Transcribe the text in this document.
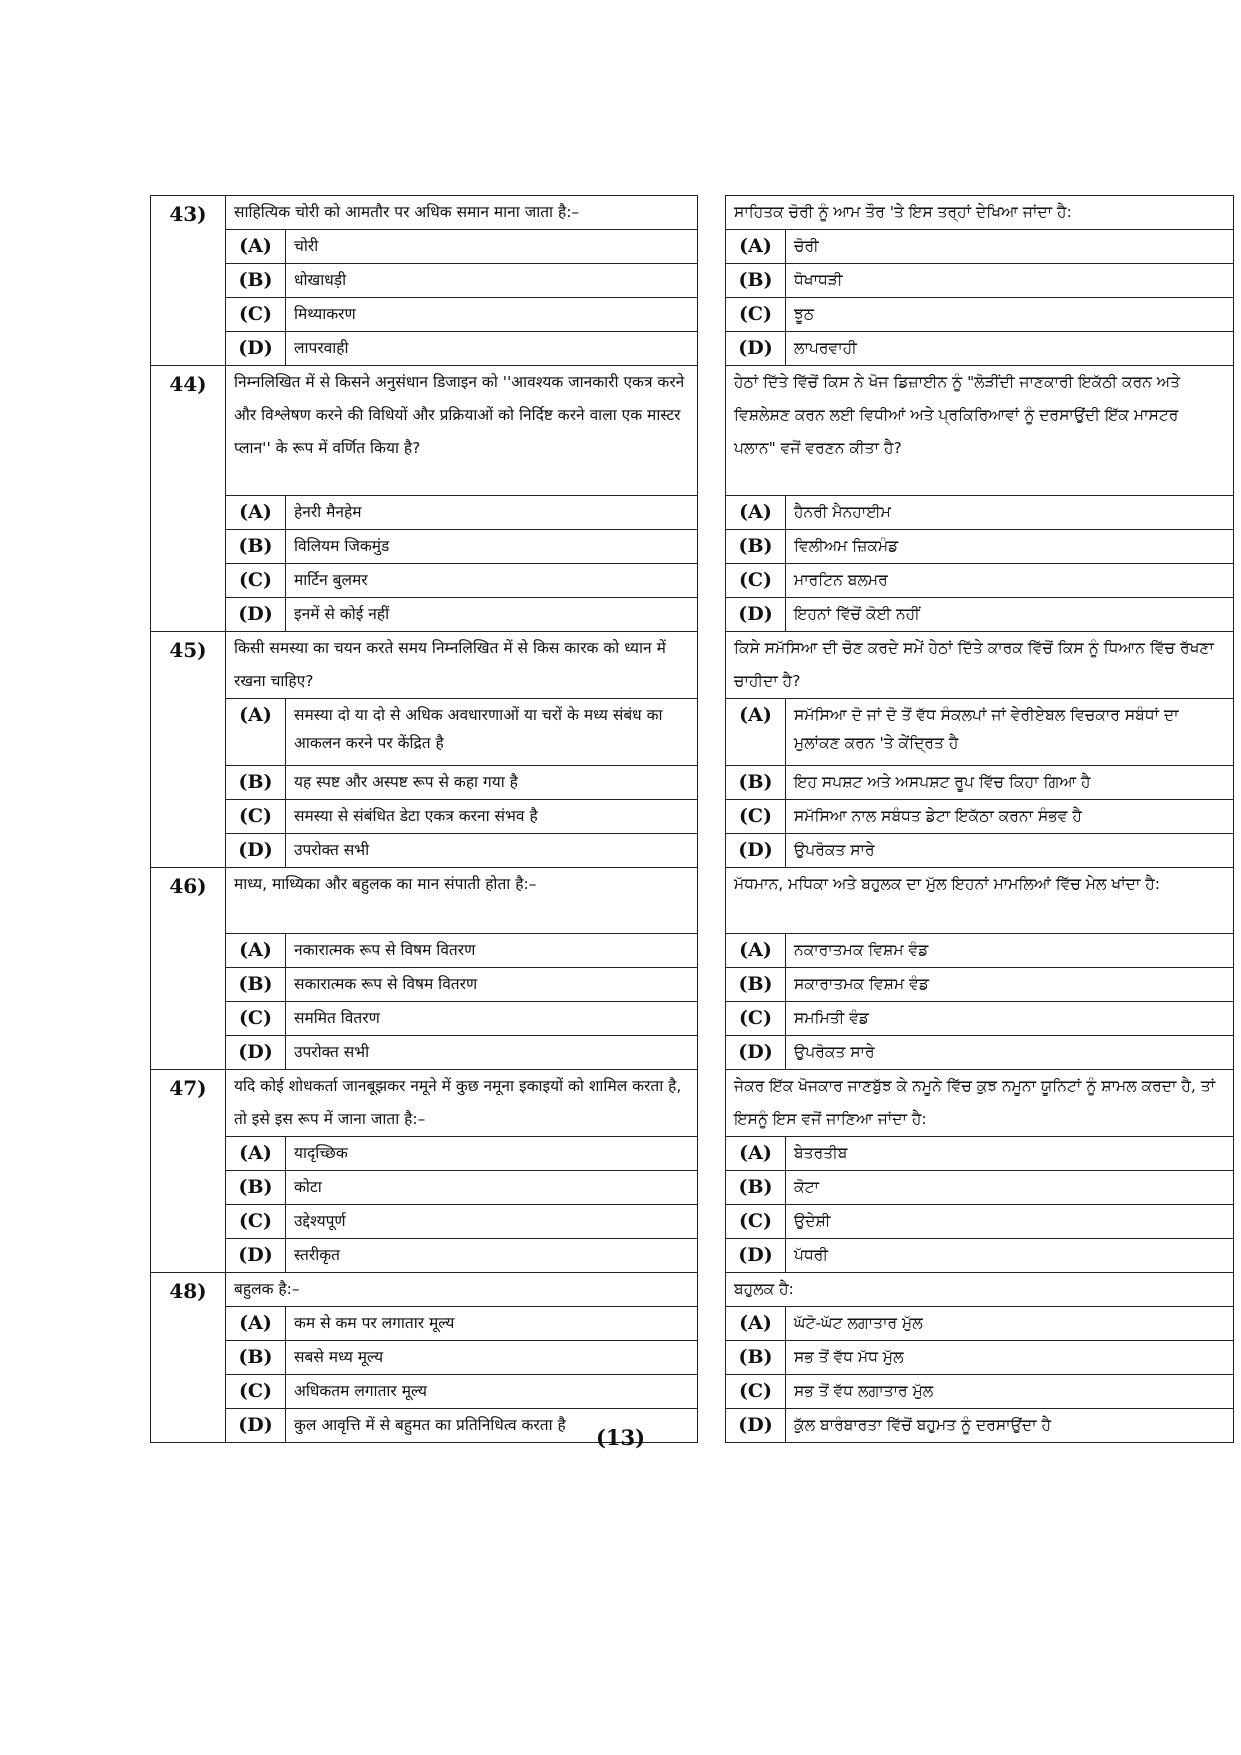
43)	साहित्यिक चोरी को आमतौर पर अधिक समान माना जाता है:–			ਸਾਹਿਤਕ ਚੋਰੀ ਨੂੰ ਆਮ ਤੌਰ 'ਤੇ ਇਸ ਤਰ੍ਹਾਂ ਦੇਖਿਆ ਜਾਂਦਾ ਹੈ:	
	(A)	चोरी		(A)	ਚੋਰੀ
	(B)	धोखाधड़ी		(B)	ਧੋਖਾਧੜੀ
	(C)	मिथ्याकरण		(C)	ਝੂਠ
	(D)	लापरवाही		(D)	ਲਾਪਰਵਾਹੀ
44)	निम्नलिखित में से किसने अनुसंधान डिजाइन को ''आवश्यक जानकारी एकत्र करने और विश्लेषण करने की विधियों और प्रक्रियाओं को निर्दिष्ट करने वाला एक मास्टर प्लान'' के रूप में वर्णित किया है?			ਹੇਠਾਂ ਦਿੱਤੇ ਵਿੱਚੋਂ ਕਿਸ ਨੇ ਖੋਜ ਡਿਜ਼ਾਈਨ ਨੂੰ "ਲੋੜੀਂਦੀ ਜਾਣਕਾਰੀ ਇਕੱਠੀ ਕਰਨ ਅਤੇ ਵਿਸ਼ਲੇਸ਼ਣ ਕਰਨ ਲਈ ਵਿਧੀਆਂ ਅਤੇ ਪ੍ਰਕਿਰਿਆਵਾਂ ਨੂੰ ਦਰਸਾਉਂਦੀ ਇੱਕ ਮਾਸਟਰ ਪਲਾਨ" ਵਜੋਂ ਵਰਣਨ ਕੀਤਾ ਹੈ?	
	(A)	हेनरी मैनहेम		(A)	ਹੈਨਰੀ ਮੈਨਹਾਈਮ
	(B)	विलियम जिकमुंड		(B)	ਵਿਲੀਅਮ ਜ਼ਿਕਮੰਡ
	(C)	मार्टिन बुलमर		(C)	ਮਾਰਟਿਨ ਬਲਮਰ
	(D)	इनमें से कोई नहीं		(D)	ਇਹਨਾਂ ਵਿੱਚੋਂ ਕੋਈ ਨਹੀਂ
45)	किसी समस्या का चयन करते समय निम्नलिखित में से किस कारक को ध्यान में रखना चाहिए?			ਕਿਸੇ ਸਮੱਸਿਆ ਦੀ ਚੋਣ ਕਰਦੇ ਸਮੇਂ ਹੇਠਾਂ ਦਿੱਤੇ ਕਾਰਕ ਵਿੱਚੋਂ ਕਿਸ ਨੂੰ ਧਿਆਨ ਵਿੱਚ ਰੱਖਣਾ ਚਾਹੀਦਾ ਹੈ?	
	(A)	समस्या दो या दो से अधिक अवधारणाओं या चरों के मध्य संबंध का आकलन करने पर केंद्रित है		(A)	ਸਮੱਸਿਆ ਦੋ ਜਾਂ ਦੋ ਤੋਂ ਵੱਧ ਸੰਕਲਪਾਂ ਜਾਂ ਵੇਰੀਏਬਲ ਵਿਚਕਾਰ ਸਬੰਧਾਂ ਦਾ ਮੁਲਾਂਕਣ ਕਰਨ 'ਤੇ ਕੇਂਦ੍ਰਿਤ ਹੈ
	(B)	यह स्पष्ट और अस्पष्ट रूप से कहा गया है		(B)	ਇਹ ਸਪਸ਼ਟ ਅਤੇ ਅਸਪਸ਼ਟ ਰੂਪ ਵਿੱਚ ਕਿਹਾ ਗਿਆ ਹੈ
	(C)	समस्या से संबंधित डेटा एकत्र करना संभव है		(C)	ਸਮੱਸਿਆ ਨਾਲ ਸਬੰਧਤ ਡੇਟਾ ਇਕੱਠਾ ਕਰਨਾ ਸੰਭਵ ਹੈ
	(D)	उपरोक्त सभी		(D)	ਉਪਰੋਕਤ ਸਾਰੇ
46)	माध्य, माध्यिका और बहुलक का मान संपाती होता है:–			ਮੱਧਮਾਨ, ਮਧਿਕਾ ਅਤੇ ਬਹੁਲਕ ਦਾ ਮੁੱਲ ਇਹਨਾਂ ਮਾਮਲਿਆਂ ਵਿੱਚ ਮੇਲ ਖਾਂਦਾ ਹੈ:	
	(A)	नकारात्मक रूप से विषम वितरण		(A)	ਨਕਾਰਾਤਮਕ ਵਿਸ਼ਮ ਵੰਡ
	(B)	सकारात्मक रूप से विषम वितरण		(B)	ਸਕਾਰਾਤਮਕ ਵਿਸ਼ਮ ਵੰਡ
	(C)	सममित वितरण		(C)	ਸਮਮਿਤੀ ਵੰਡ
	(D)	उपरोक्त सभी		(D)	ਉਪਰੋਕਤ ਸਾਰੇ
47)	यदि कोई शोधकर्ता जानबूझकर नमूने में कुछ नमूना इकाइयों को शामिल करता है, तो इसे इस रूप में जाना जाता है:–			ਜੇਕਰ ਇੱਕ ਖੋਜਕਾਰ ਜਾਣਬੁੱਝ ਕੇ ਨਮੂਨੇ ਵਿੱਚ ਕੁਝ ਨਮੂਨਾ ਯੂਨਿਟਾਂ ਨੂੰ ਸ਼ਾਮਲ ਕਰਦਾ ਹੈ, ਤਾਂ ਇਸਨੂੰ ਇਸ ਵਜੋਂ ਜਾਣਿਆ ਜਾਂਦਾ ਹੈ:	
	(A)	यादृच्छिक		(A)	ਬੇਤਰਤੀਬ
	(B)	कोटा		(B)	ਕੋਟਾ
	(C)	उद्देश्यपूर्ण		(C)	ਉਦੇਸ਼ੀ
	(D)	स्तरीकृत		(D)	ਪੱਧਰੀ
48)	बहुलक है:–			ਬਹੁਲਕ ਹੈ:	
	(A)	कम से कम पर लगातार मूल्य		(A)	ਘੱਟੋ-ਘੱਟ ਲਗਾਤਾਰ ਮੁੱਲ
	(B)	सबसे मध्य मूल्य		(B)	ਸਭ ਤੋਂ ਵੱਧ ਮੱਧ ਮੁੱਲ
	(C)	अधिकतम लगातार मूल्य		(C)	ਸਭ ਤੋਂ ਵੱਧ ਲਗਾਤਾਰ ਮੁੱਲ
	(D)	कुल आवृत्ति में से बहुमत का प्रतिनिधित्व करता है		(D)	ਕੁੱਲ ਬਾਰੰਬਾਰਤਾ ਵਿੱਚੋਂ ਬਹੁਮਤ ਨੂੰ ਦਰਸਾਉਂਦਾ ਹੈ
(13)
